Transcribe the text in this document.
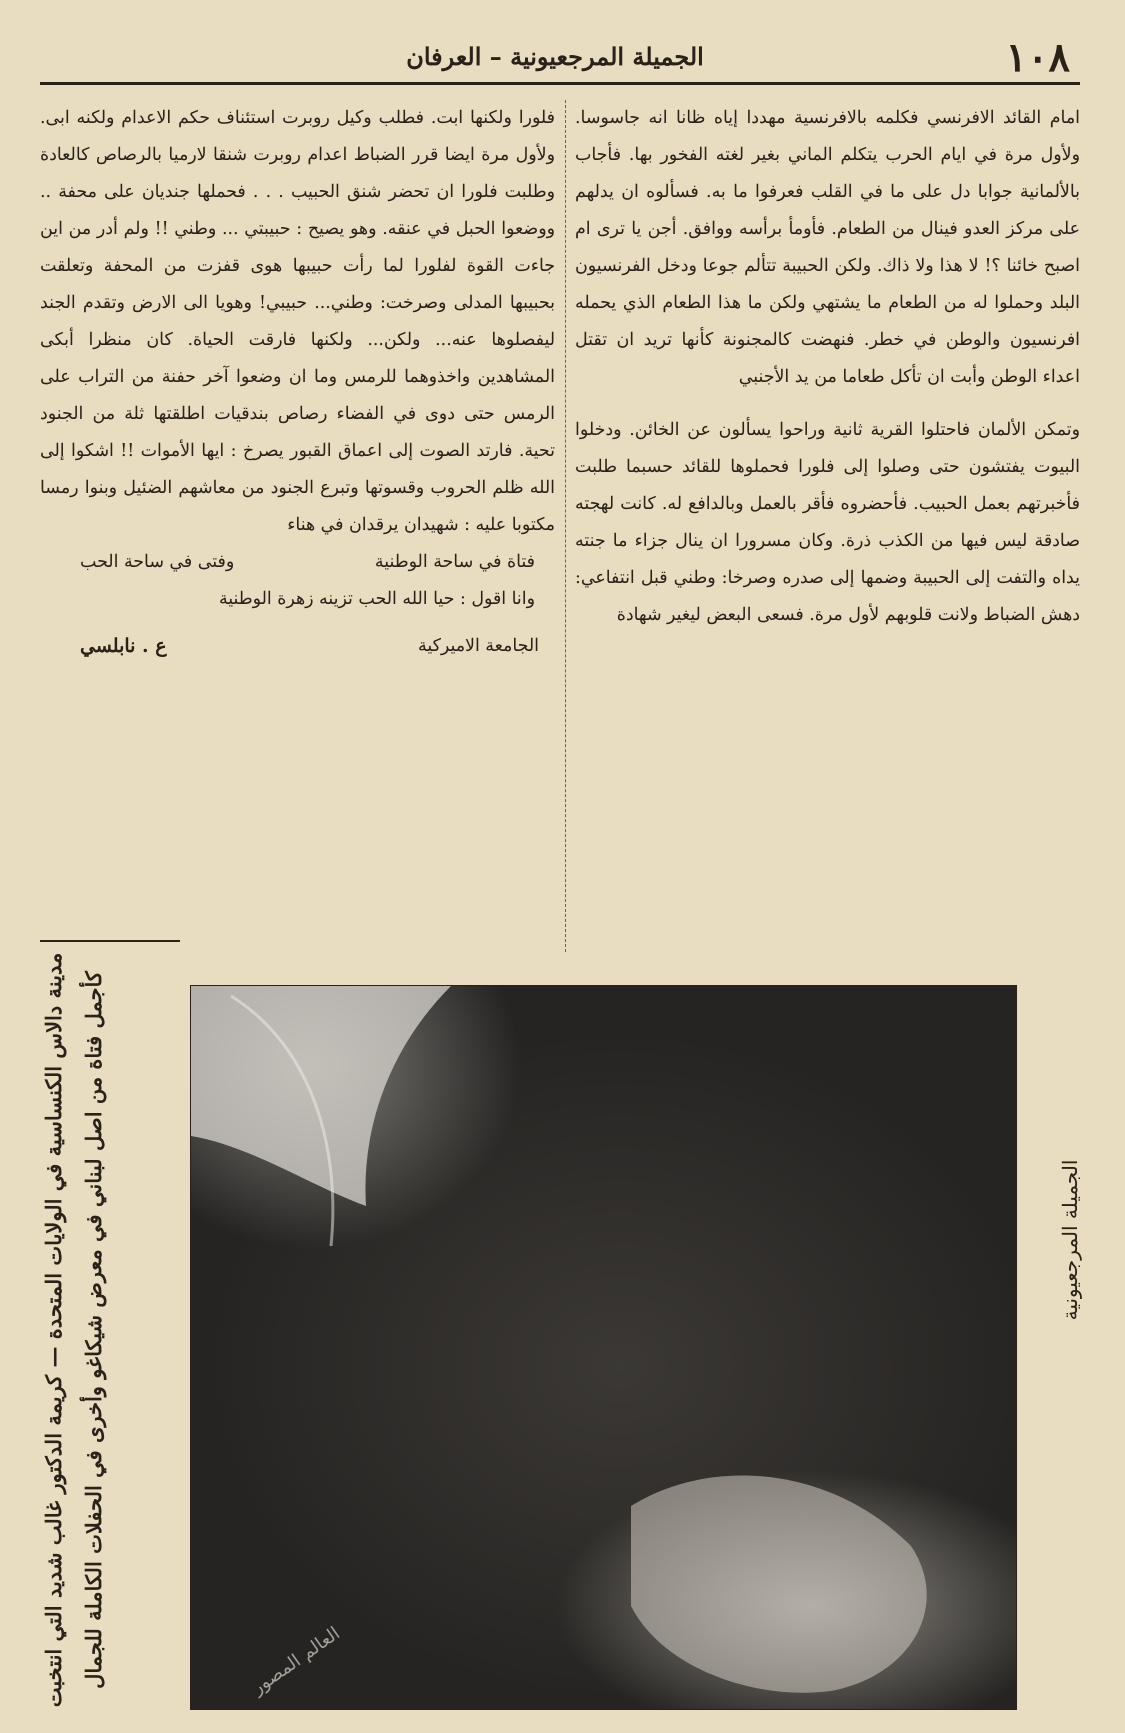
١٠٨
الجميلة المرجعيونية – العرفان

امام القائد الافرنسي فكلمه بالافرنسية مهددا إياه ظانا انه جاسوسا. ولأول مرة في ايام الحرب يتكلم الماني بغير لغته الفخور بها. فأجاب بالألمانية جوابا دل على ما في القلب فعرفوا ما به. فسألوه ان يدلهم على مركز العدو فينال من الطعام. فأومأ برأسه ووافق. أجن يا ترى ام اصبح خائنا ؟! لا هذا ولا ذاك. ولكن الحبيبة تتألم جوعا ودخل الفرنسيون البلد وحملوا له من الطعام ما يشتهي ولكن ما هذا الطعام الذي يحمله افرنسيون والوطن في خطر. فنهضت كالمجنونة كأنها تريد ان تقتل اعداء الوطن وأبت ان تأكل طعاما من يد الأجنبي

وتمكن الألمان فاحتلوا القرية ثانية وراحوا يسألون عن الخائن. ودخلوا البيوت يفتشون حتى وصلوا إلى فلورا فحملوها للقائد حسبما طلبت فأخبرتهم بعمل الحبيب. فأحضروه فأقر بالعمل وبالدافع له. كانت لهجته صادقة ليس فيها من الكذب ذرة. وكان مسرورا ان ينال جزاء ما جنته يداه والتفت إلى الحبيبة وضمها إلى صدره وصرخا: وطني قبل انتفاعي: دهش الضباط ولانت قلوبهم لأول مرة. فسعى البعض ليغير شهادة

فلورا ولكنها ابت. فطلب وكيل روبرت استئناف حكم الاعدام ولكنه ابى. ولأول مرة ايضا قرر الضباط اعدام روبرت شنقا لارميا بالرصاص كالعادة وطلبت فلورا ان تحضر شنق الحبيب . . . فحملها جنديان على محفة .. ووضعوا الحبل في عنقه. وهو يصيح : حبيبتي ... وطني !! ولم أدر من اين جاءت القوة لفلورا لما رأت حبيبها هوى قفزت من المحفة وتعلقت بحبيبها المدلى وصرخت: وطني... حبيبي! وهويا الى الارض وتقدم الجند ليفصلوها عنه... ولكن... ولكنها فارقت الحياة. كان منظرا أبكى المشاهدين واخذوهما للرمس وما ان وضعوا آخر حفنة من التراب على الرمس حتى دوى في الفضاء رصاص بندقيات اطلقتها ثلة من الجنود تحية. فارتد الصوت إلى اعماق القبور يصرخ : ايها الأموات !! اشكوا إلى الله ظلم الحروب وقسوتها وتبرع الجنود من معاشهم الضئيل وبنوا رمسا مكتوبا عليه : شهيدان يرقدان في هناء

فتاة في ساحة الوطنية
وفتى في ساحة الحب
وانا اقول : حيا الله الحب تزينه زهرة الوطنية
الجامعة الاميركية
ع . نابلسي
مدينة دالاس الكنساسية في الولايات المتحدة — كريمة الدكتور غالب شديد التي انتخبت كأجمل فتاة من اصل لبناني في معرض شيكاغو وأخرى في الحفلات الكاملة للجمال	العالم المصور
الجميلة المرجعيونية
